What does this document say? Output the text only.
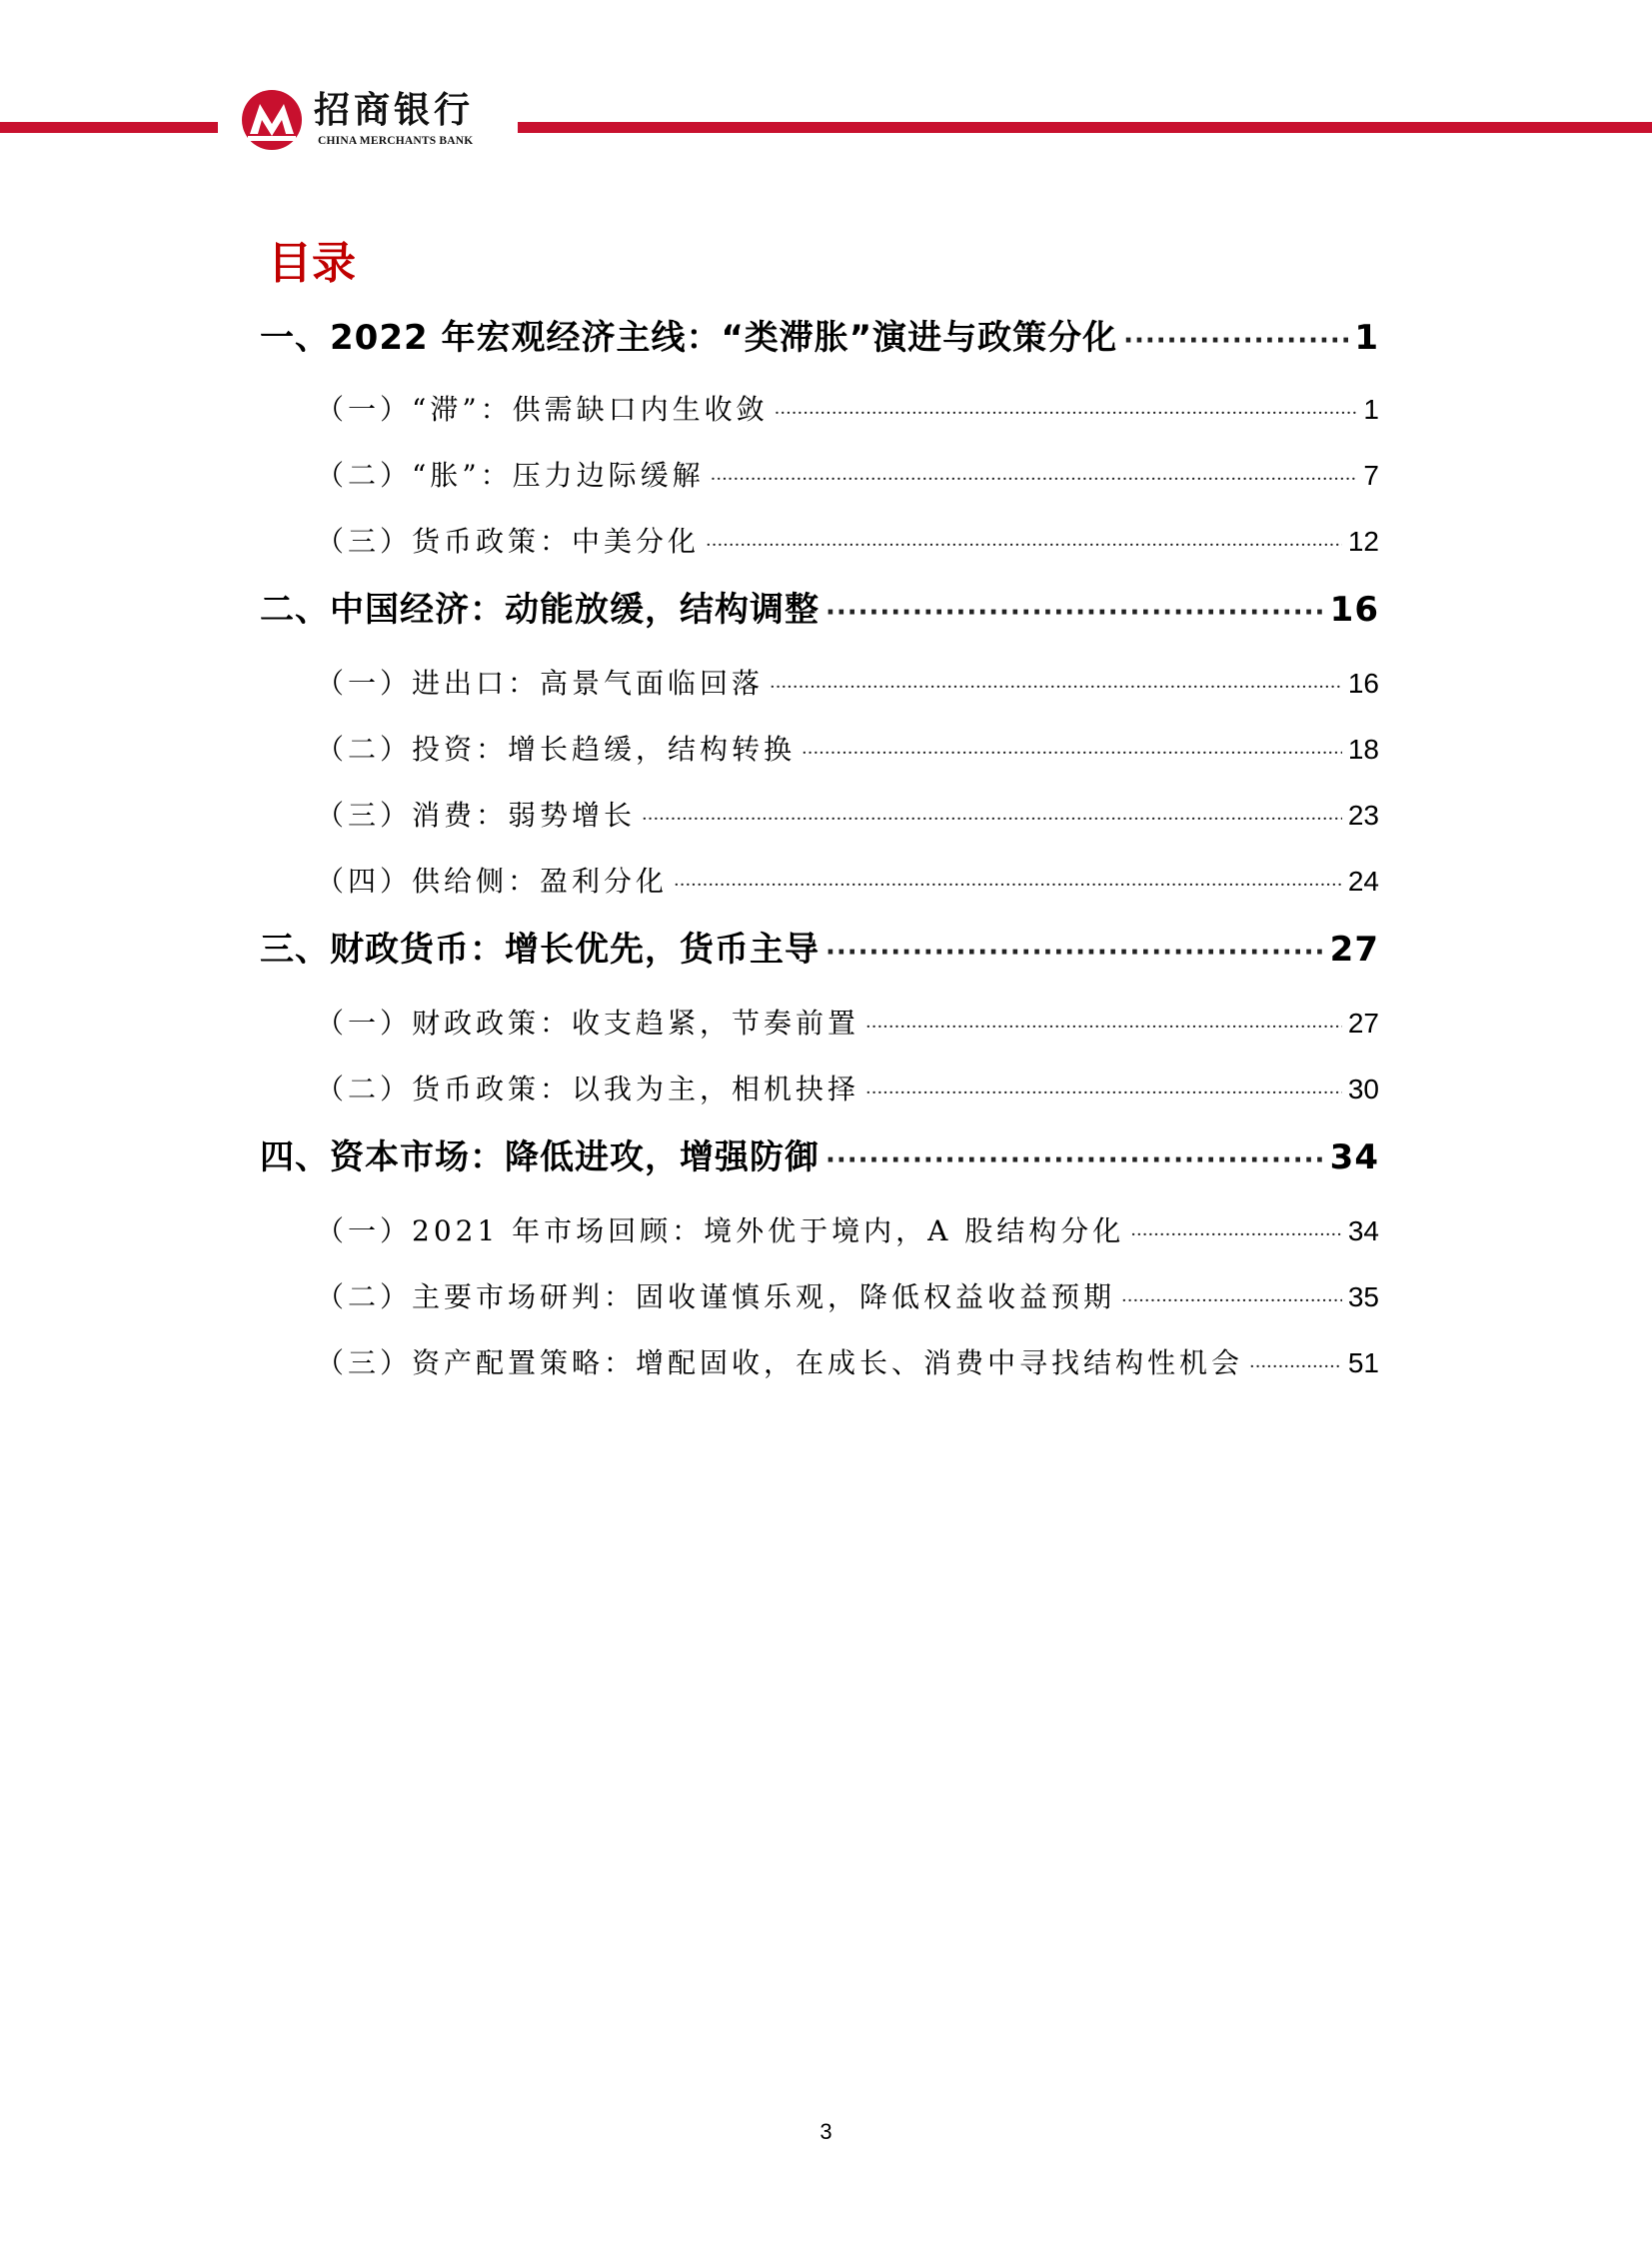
招商银行
CHINA MERCHANTS BANK
目录
一、2022 年宏观经济主线：“类滞胀”演进与政策分化 ·····	1
（一）“滞”：供需缺口内生收敛 ·····	1
（二）“胀”：压力边际缓解 ·····	7
（三）货币政策：中美分化 ·····	12
二、中国经济：动能放缓，结构调整 ·····	16
（一）进出口：高景气面临回落 ·····	16
（二）投资：增长趋缓，结构转换 ·····	18
（三）消费：弱势增长 ·····	23
（四）供给侧：盈利分化 ·····	24
三、财政货币：增长优先，货币主导 ·····	27
（一）财政政策：收支趋紧，节奏前置 ·····	27
（二）货币政策：以我为主，相机抉择 ·····	30
四、资本市场：降低进攻，增强防御 ·····	34
（一）2021 年市场回顾：境外优于境内，A 股结构分化 ·····	34
（二）主要市场研判：固收谨慎乐观，降低权益收益预期 ·····	35
（三）资产配置策略：增配固收，在成长、消费中寻找结构性机会 ·····	51
3
